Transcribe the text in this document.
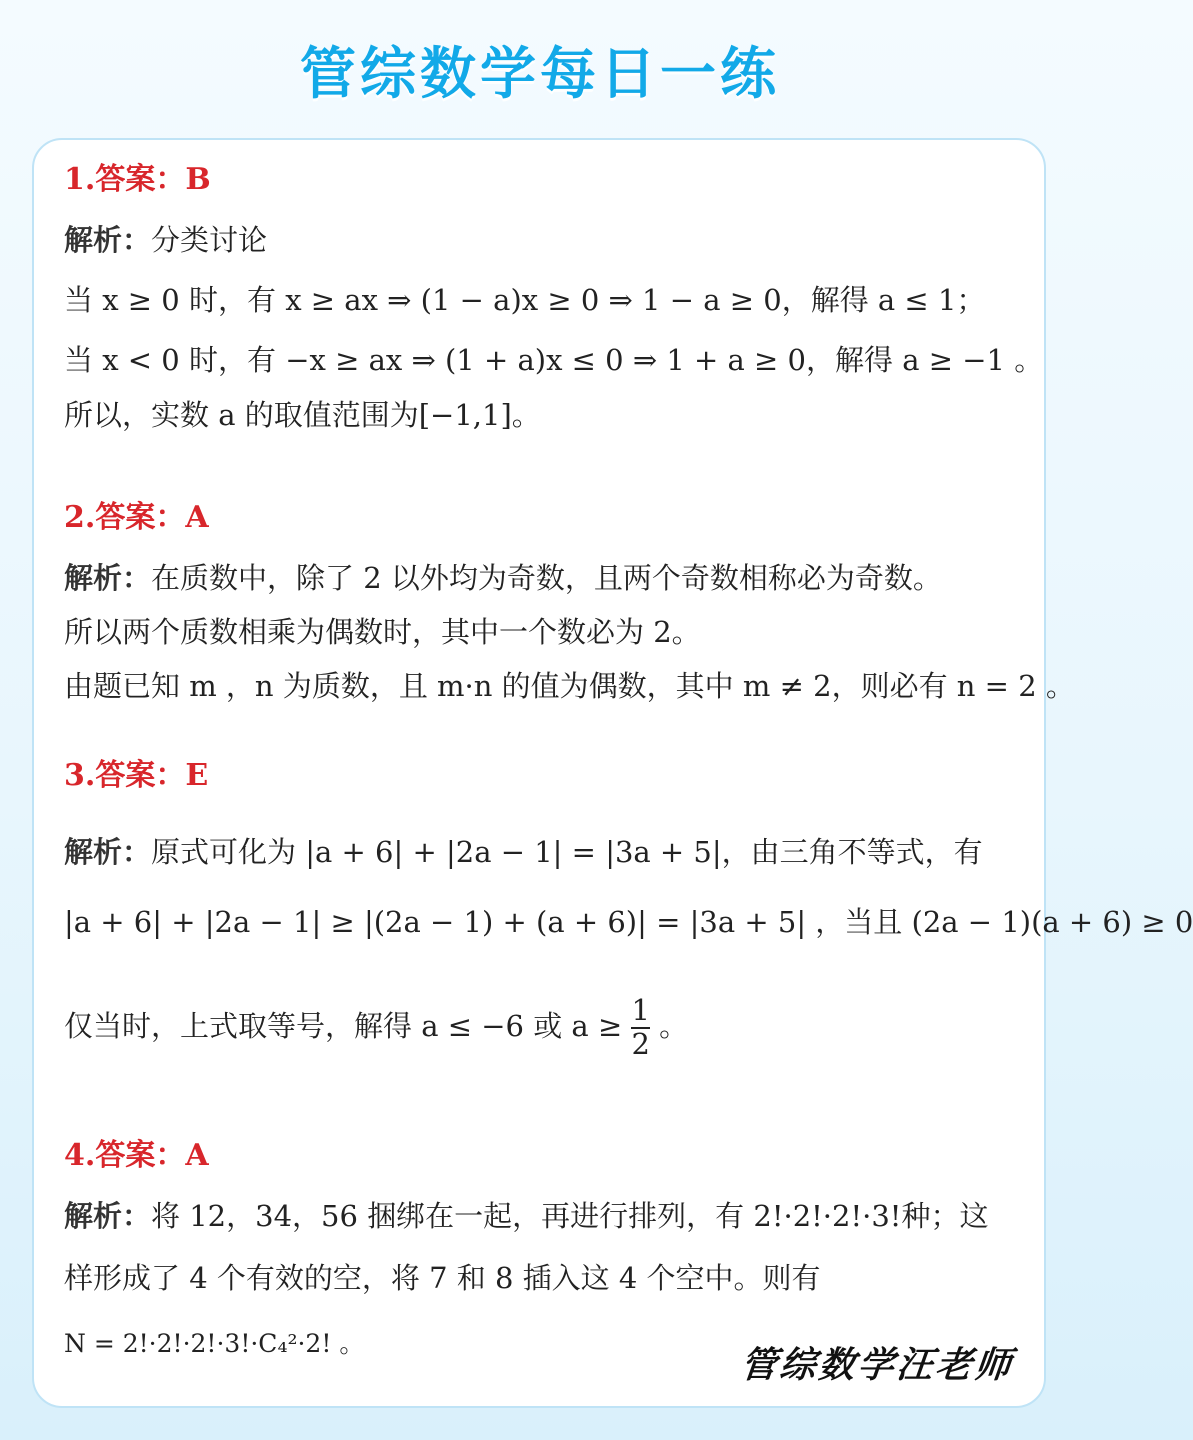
管综数学每日一练
1.答案：B
解析：分类讨论
当 x ≥ 0 时，有 x ≥ ax ⇒ (1 − a)x ≥ 0 ⇒ 1 − a ≥ 0，解得 a ≤ 1；
当 x < 0 时，有 −x ≥ ax ⇒ (1 + a)x ≤ 0 ⇒ 1 + a ≥ 0，解得 a ≥ −1 。
所以，实数 a 的取值范围为[−1,1]。
2.答案：A
解析：在质数中，除了 2 以外均为奇数，且两个奇数相称必为奇数。
所以两个质数相乘为偶数时，其中一个数必为 2。
由题已知 m ，n 为质数，且 m·n 的值为偶数，其中 m ≠ 2，则必有 n = 2 。
3.答案：E
解析：原式可化为 |a + 6| + |2a − 1| = |3a + 5|，由三角不等式，有
|a + 6| + |2a − 1| ≥ |(2a − 1) + (a + 6)| = |3a + 5| ，当且 (2a − 1)(a + 6) ≥ 0
仅当时，上式取等号，解得 a ≤ −6 或 $a \ge \frac{1}{2}$ 。
4.答案：A
解析：将 12，34，56 捆绑在一起，再进行排列，有 2!·2!·2!·3!种；这
样形成了 4 个有效的空，将 7 和 8 插入这 4 个空中。则有
N = 2!·2!·2!·3!·C₄²·2! 。
管综数学汪老师
